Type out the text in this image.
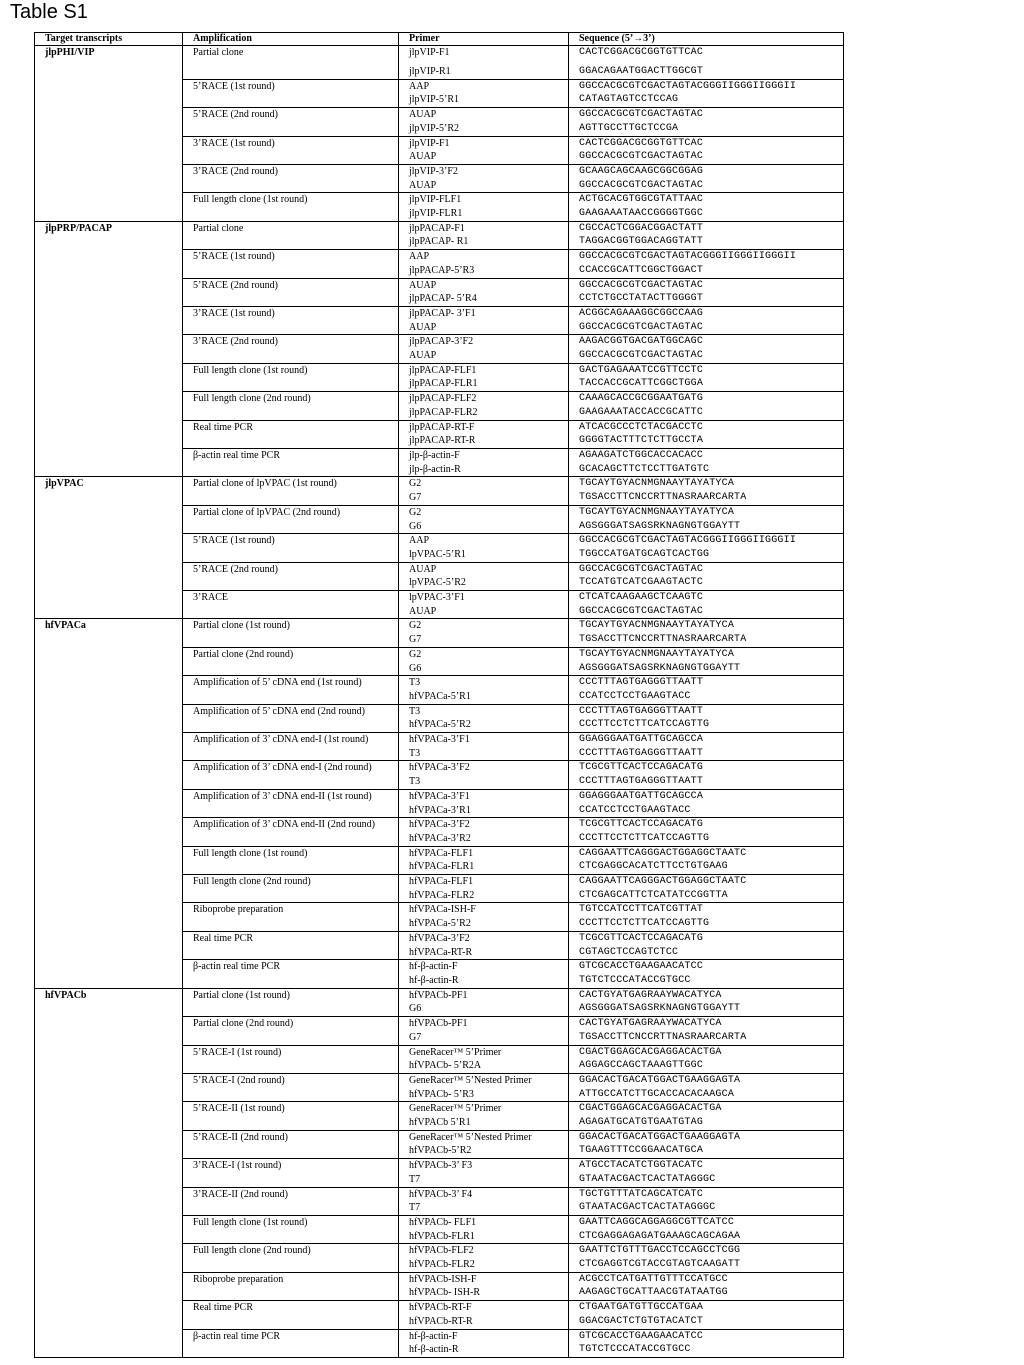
Table S1
Target transcripts	Amplification	Primer	Sequence (5’→3’)
jlpPHI/VIP	Partial clone	jlpVIP-F1	CACTCGGACGCGGTGTTCAC
		jlpVIP-R1	GGACAGAATGGACTTGGCGT
	5’RACE (1st round)	AAP	GGCCACGCGTCGACTAGTACGGGIIGGGIIGGGII
		jlpVIP-5’R1	CATAGTAGTCCTCCAG
	5’RACE (2nd round)	AUAP	GGCCACGCGTCGACTAGTAC
		jlpVIP-5’R2	AGTTGCCTTGCTCCGA
	3’RACE (1st round)	jlpVIP-F1	CACTCGGACGCGGTGTTCAC
		AUAP	GGCCACGCGTCGACTAGTAC
	3’RACE (2nd round)	jlpVIP-3’F2	GCAAGCAGCAAGCGGCGGAG
		AUAP	GGCCACGCGTCGACTAGTAC
	Full length clone (1st round)	jlpVIP-FLF1	ACTGCACGTGGCGTATTAAC
		jlpVIP-FLR1	GAAGAAATAACCGGGGTGGC
jlpPRP/PACAP	Partial clone	jlpPACAP-F1	CGCCACTCGGACGGACTATT
		jlpPACAP- R1	TAGGACGGTGGACAGGTATT
	5’RACE (1st round)	AAP	GGCCACGCGTCGACTAGTACGGGIIGGGIIGGGII
		jlpPACAP-5’R3	CCACCGCATTCGGCTGGACT
	5’RACE (2nd round)	AUAP	GGCCACGCGTCGACTAGTAC
		jlpPACAP- 5’R4	CCTCTGCCTATACTTGGGGT
	3’RACE (1st round)	jlpPACAP- 3’F1	ACGGCAGAAAGGCGGCCAAG
		AUAP	GGCCACGCGTCGACTAGTAC
	3’RACE (2nd round)	jlpPACAP-3’F2	AAGACGGTGACGATGGCAGC
		AUAP	GGCCACGCGTCGACTAGTAC
	Full length clone (1st round)	jlpPACAP-FLF1	GACTGAGAAATCCGTTCCTC
		jlpPACAP-FLR1	TACCACCGCATTCGGCTGGA
	Full length clone (2nd round)	jlpPACAP-FLF2	CAAAGCACCGCGGAATGATG
		jlpPACAP-FLR2	GAAGAAATACCACCGCATTC
	Real time PCR	jlpPACAP-RT-F	ATCACGCCCTCTACGACCTC
		jlpPACAP-RT-R	GGGGTACTTTCTCTTGCCTA
	β-actin real time PCR	jlp-β-actin-F	AGAAGATCTGGCACCACACC
		jlp-β-actin-R	GCACAGCTTCTCCTTGATGTC
jlpVPAC	Partial clone of lpVPAC (1st round)	G2	TGCAYTGYACNMGNAAYTAYATYCA
		G7	TGSACCTTCNCCRTTNASRAARCARTA
	Partial clone of lpVPAC (2nd round)	G2	TGCAYTGYACNMGNAAYTAYATYCA
		G6	AGSGGGATSAGSRKNAGNGTGGAYTT
	5’RACE (1st round)	AAP	GGCCACGCGTCGACTAGTACGGGIIGGGIIGGGII
		lpVPAC-5’R1	TGGCCATGATGCAGTCACTGG
	5’RACE (2nd round)	AUAP	GGCCACGCGTCGACTAGTAC
		lpVPAC-5’R2	TCCATGTCATCGAAGTACTC
	3’RACE	lpVPAC-3’F1	CTCATCAAGAAGCTCAAGTC
		AUAP	GGCCACGCGTCGACTAGTAC
hfVPACa	Partial clone (1st round)	G2	TGCAYTGYACNMGNAAYTAYATYCA
		G7	TGSACCTTCNCCRTTNASRAARCARTA
	Partial clone (2nd round)	G2	TGCAYTGYACNMGNAAYTAYATYCA
		G6	AGSGGGATSAGSRKNAGNGTGGAYTT
	Amplification of 5’ cDNA end (1st round)	T3	CCCTTTAGTGAGGGTTAATT
		hfVPACa-5’R1	CCATCCTCCTGAAGTACC
	Amplification of 5’ cDNA end (2nd round)	T3	CCCTTTAGTGAGGGTTAATT
		hfVPACa-5’R2	CCCTTCCTCTTCATCCAGTTG
	Amplification of 3’ cDNA end-I (1st round)	hfVPACa-3’F1	GGAGGGAATGATTGCAGCCA
		T3	CCCTTTAGTGAGGGTTAATT
	Amplification of 3’ cDNA end-I (2nd round)	hfVPACa-3’F2	TCGCGTTCACTCCAGACATG
		T3	CCCTTTAGTGAGGGTTAATT
	Amplification of 3’ cDNA end-II (1st round)	hfVPACa-3’F1	GGAGGGAATGATTGCAGCCA
		hfVPACa-3’R1	CCATCCTCCTGAAGTACC
	Amplification of 3’ cDNA end-II (2nd round)	hfVPACa-3’F2	TCGCGTTCACTCCAGACATG
		hfVPACa-3’R2	CCCTTCCTCTTCATCCAGTTG
	Full length clone (1st round)	hfVPACa-FLF1	CAGGAATTCAGGGACTGGAGGCTAATC
		hfVPACa-FLR1	CTCGAGGCACATCTTCCTGTGAAG
	Full length clone (2nd round)	hfVPACa-FLF1	CAGGAATTCAGGGACTGGAGGCTAATC
		hfVPACa-FLR2	CTCGAGCATTCTCATATCCGGTTA
	Riboprobe preparation	hfVPACa-ISH-F	TGTCCATCCTTCATCGTTAT
		hfVPACa-5’R2	CCCTTCCTCTTCATCCAGTTG
	Real time PCR	hfVPACa-3’F2	TCGCGTTCACTCCAGACATG
		hfVPACa-RT-R	CGTAGCTCCAGTCTCC
	β-actin real time PCR	hf-β-actin-F	GTCGCACCTGAAGAACATCC
		hf-β-actin-R	TGTCTCCCATACCGTGCC
hfVPACb	Partial clone (1st round)	hfVPACb-PF1	CACTGYATGAGRAAYWACATYCA
		G6	AGSGGGATSAGSRKNAGNGTGGAYTT
	Partial clone (2nd round)	hfVPACb-PF1	CACTGYATGAGRAAYWACATYCA
		G7	TGSACCTTCNCCRTTNASRAARCARTA
	5’RACE-I (1st round)	GeneRacer™ 5’Primer	CGACTGGAGCACGAGGACACTGA
		hfVPACb- 5’R2A	AGGAGCCAGCTAAAGTTGGC
	5’RACE-I (2nd round)	GeneRacer™ 5’Nested Primer	GGACACTGACATGGACTGAAGGAGTA
		hfVPACb- 5’R3	ATTGCCATCTTGCACCACACAAGCA
	5’RACE-II (1st round)	GeneRacer™ 5’Primer	CGACTGGAGCACGAGGACACTGA
		hfVPACb 5’R1	AGAGATGCATGTGAATGTAG
	5’RACE-II (2nd round)	GeneRacer™ 5’Nested Primer	GGACACTGACATGGACTGAAGGAGTA
		hfVPACb-5’R2	TGAAGTTTCCGGAACATGCA
	3’RACE-I (1st round)	hfVPACb-3’ F3	ATGCCTACATCTGGTACATC
		T7	GTAATACGACTCACTATAGGGC
	3’RACE-II (2nd round)	hfVPACb-3’ F4	TGCTGTTTATCAGCATCATC
		T7	GTAATACGACTCACTATAGGGC
	Full length clone (1st round)	hfVPACb- FLF1	GAATTCAGGCAGGAGGCGTTCATCC
		hfVPACb-FLR1	CTCGAGGAGAGATGAAAGCAGCAGAA
	Full length clone (2nd round)	hfVPACb-FLF2	GAATTCTGTTTGACCTCCAGCCTCGG
		hfVPACb-FLR2	CTCGAGGTCGTACCGTAGTCAAGATT
	Riboprobe preparation	hfVPACb-ISH-F	ACGCCTCATGATTGTTTCCATGCC
		hfVPACb- ISH-R	AAGAGCTGCATTAACGTATAATGG
	Real time PCR	hfVPACb-RT-F	CTGAATGATGTTGCCATGAA
		hfVPACb-RT-R	GGACGACTCTGTGTACATCT
	β-actin real time PCR	hf-β-actin-F	GTCGCACCTGAAGAACATCC
		hf-β-actin-R	TGTCTCCCATACCGTGCC
